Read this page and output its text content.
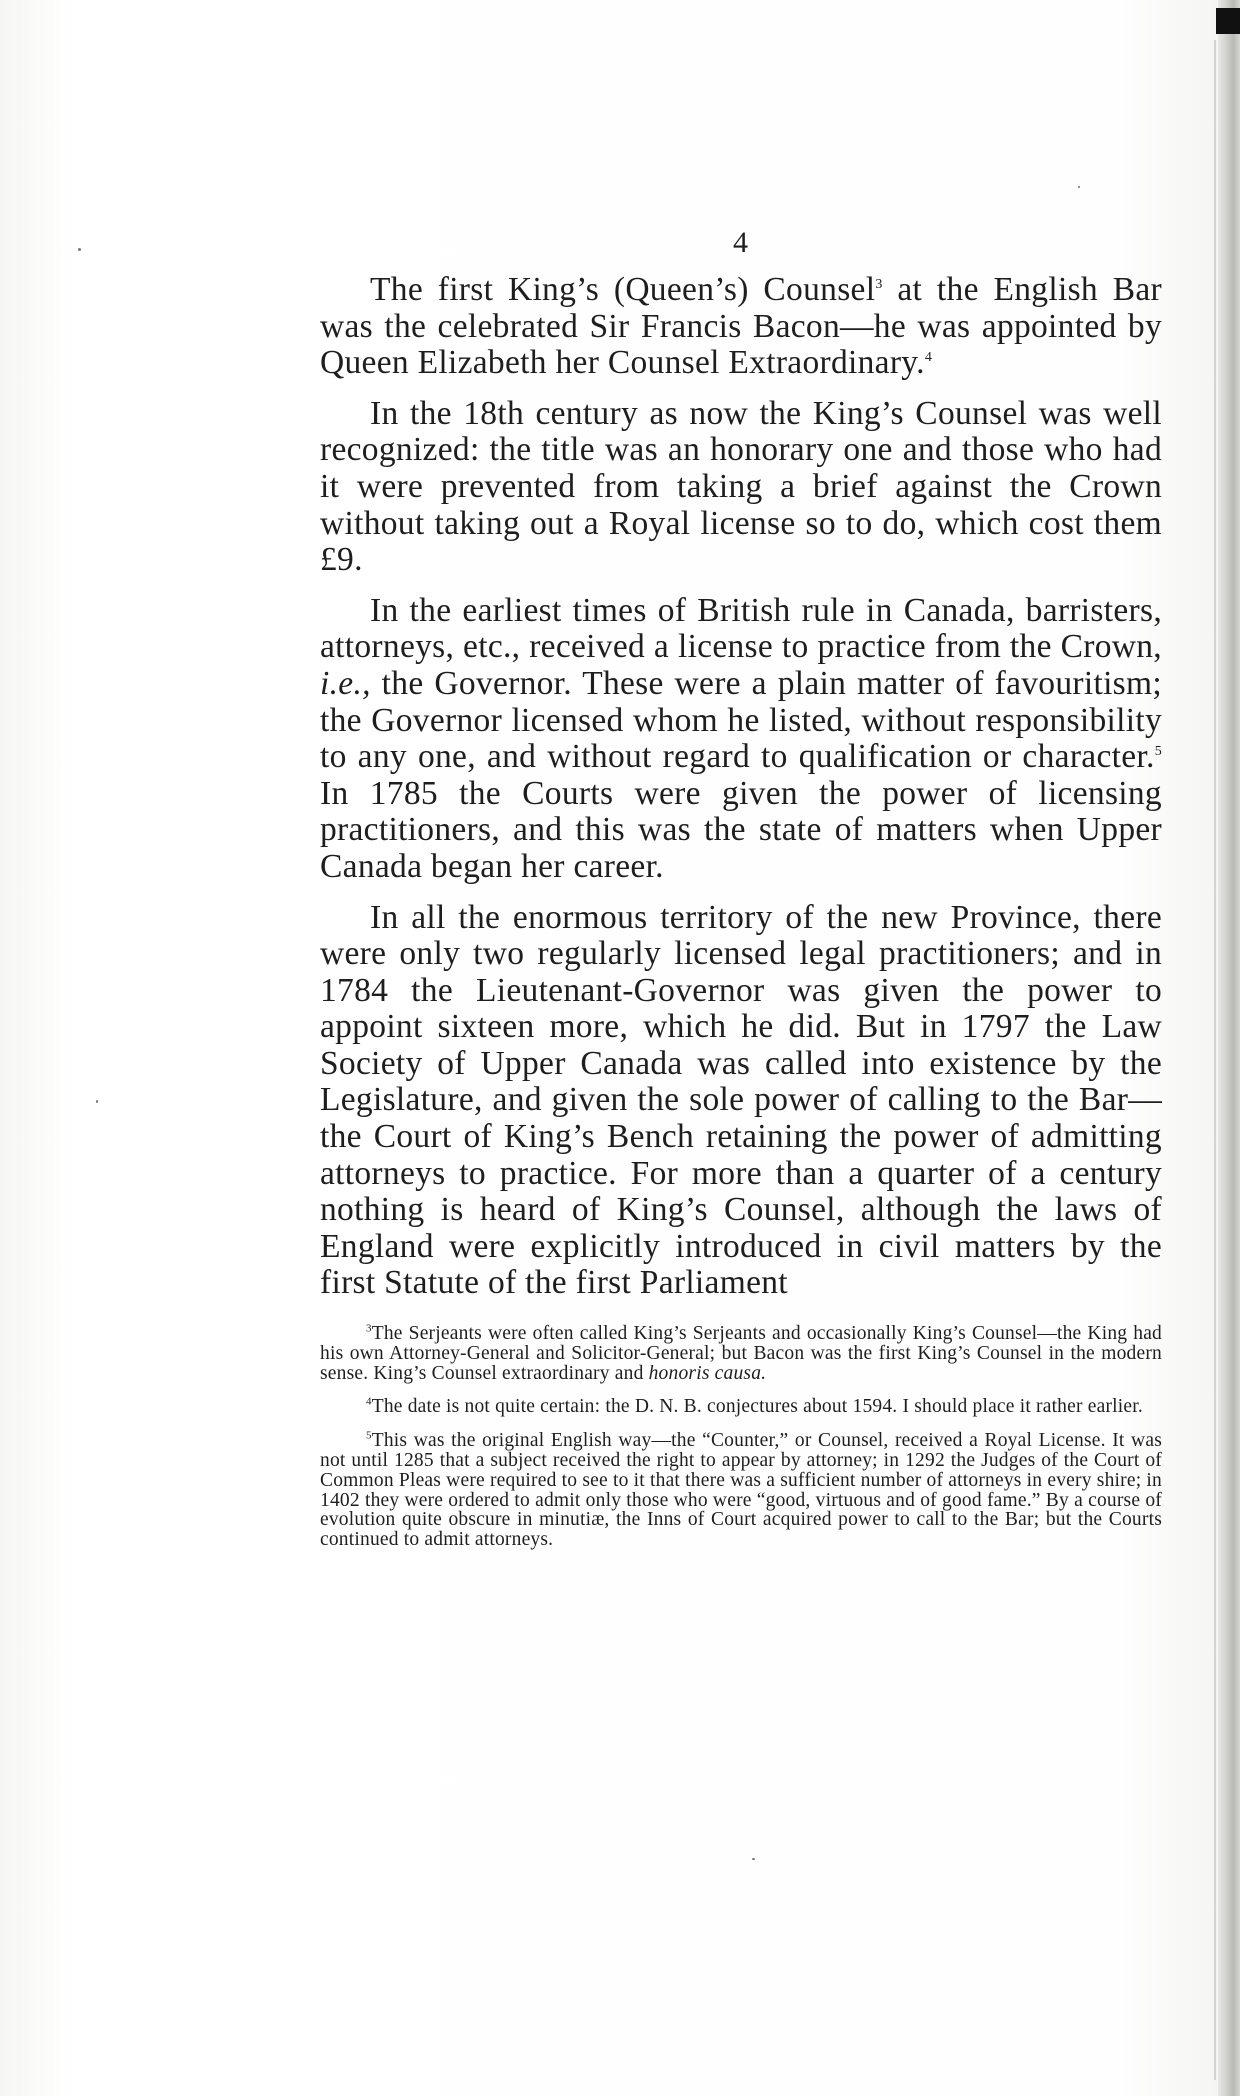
4

The first King’s (Queen’s) Counsel$^3$ at the English Bar was the celebrated Sir Francis Bacon—he was appointed by Queen Elizabeth her Counsel Extraordinary.$^4$

In the 18th century as now the King’s Counsel was well recognized: the title was an honorary one and those who had it were prevented from taking a brief against the Crown without taking out a Royal license so to do, which cost them £9.

In the earliest times of British rule in Canada, barristers, attorneys, etc., received a license to practice from the Crown, i.e., the Governor. These were a plain matter of favouritism; the Governor licensed whom he listed, without responsibility to any one, and without regard to qualification or character.$^5$ In 1785 the Courts were given the power of licensing practitioners, and this was the state of matters when Upper Canada began her career.

In all the enormous territory of the new Province, there were only two regularly licensed legal practitioners; and in 1784 the Lieutenant-Governor was given the power to appoint sixteen more, which he did. But in 1797 the Law Society of Upper Canada was called into existence by the Legislature, and given the sole power of calling to the Bar—the Court of King’s Bench retaining the power of admitting attorneys to practice. For more than a quarter of a century nothing is heard of King’s Counsel, although the laws of England were explicitly introduced in civil matters by the first Statute of the first Parliament

$^3$The Serjeants were often called King’s Serjeants and occasionally King’s Counsel—the King had his own Attorney-General and Solicitor-General; but Bacon was the first King’s Counsel in the modern sense. King’s Counsel extraordinary and honoris causa.

$^4$The date is not quite certain: the D. N. B. conjectures about 1594. I should place it rather earlier.

$^5$This was the original English way—the “Counter,” or Counsel, received a Royal License. It was not until 1285 that a subject received the right to appear by attorney; in 1292 the Judges of the Court of Common Pleas were required to see to it that there was a sufficient number of attorneys in every shire; in 1402 they were ordered to admit only those who were “good, virtuous and of good fame.” By a course of evolution quite obscure in minutiæ, the Inns of Court acquired power to call to the Bar; but the Courts continued to admit attorneys.
